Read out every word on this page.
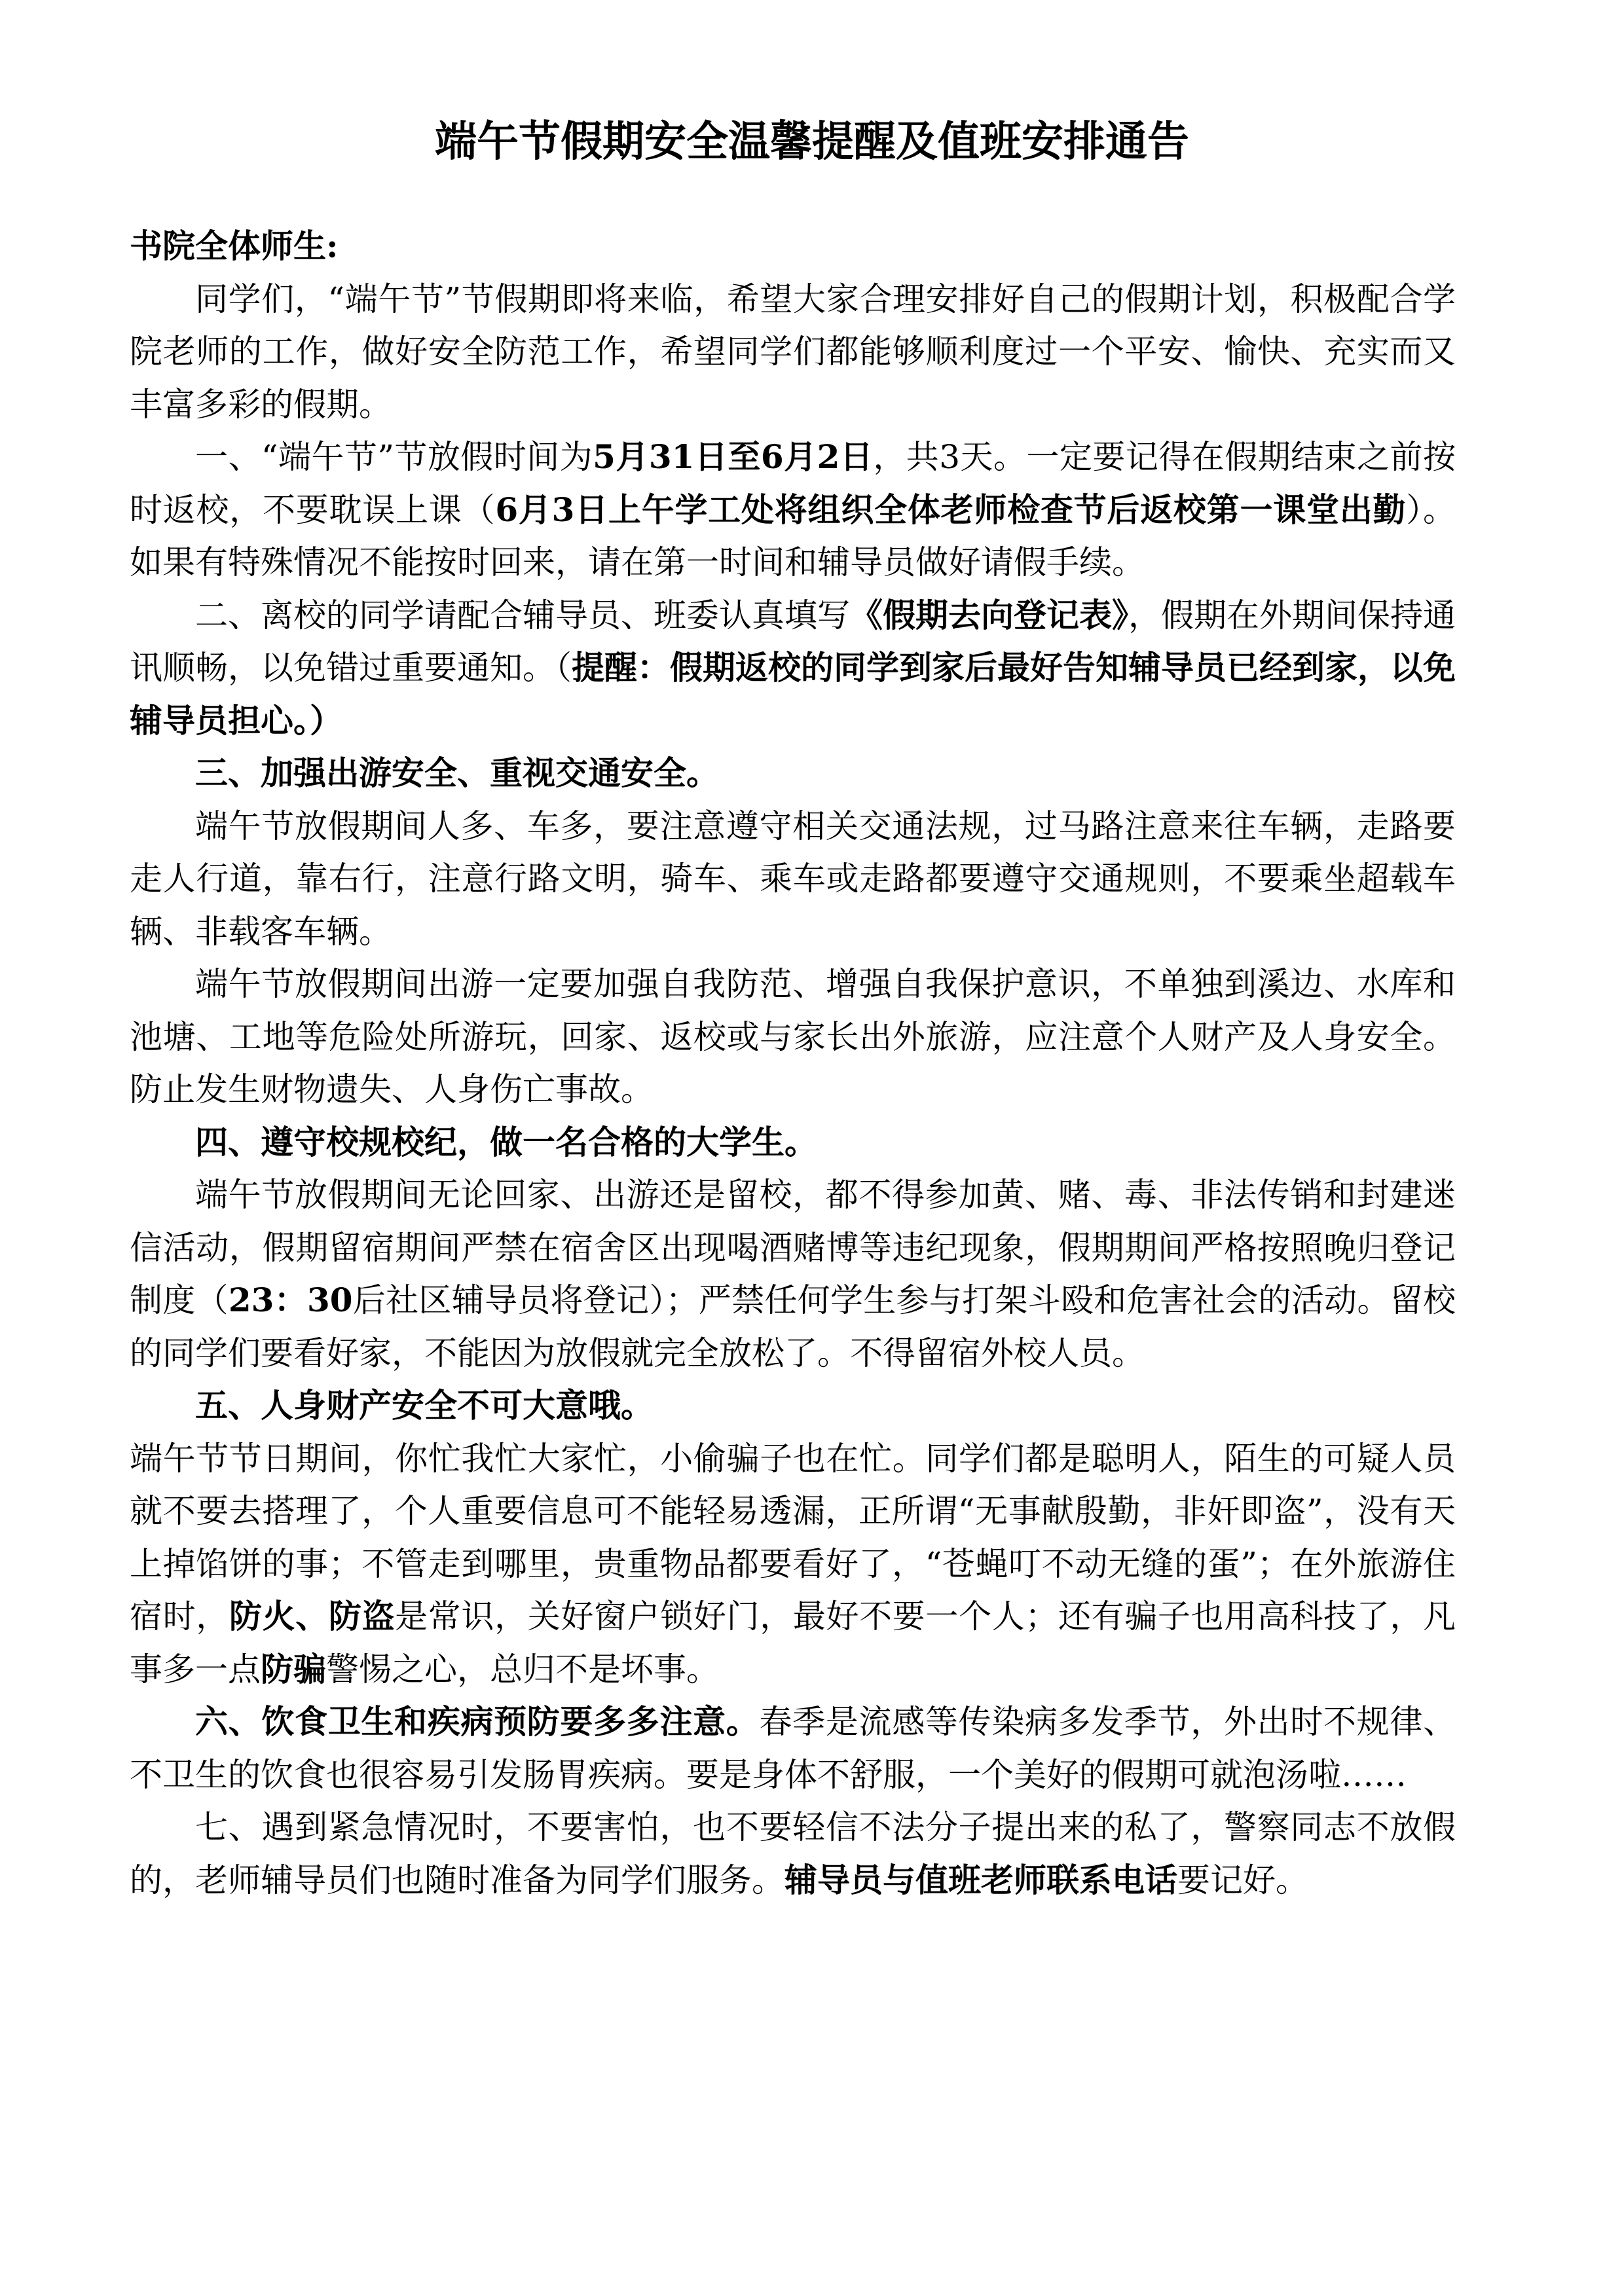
端午节假期安全温馨提醒及值班安排通告

书院全体师生:

同学们，“端午节”节假期即将来临，希望大家合理安排好自己的假期计划，积极配合学院老师的工作，做好安全防范工作，希望同学们都能够顺利度过一个平安、愉快、充实而又丰富多彩的假期。

一、“端午节”节放假时间为5月31日至6月2日，共3天。一定要记得在假期结束之前按时返校，不要耽误上课（6月3日上午学工处将组织全体老师检查节后返校第一课堂出勤）。如果有特殊情况不能按时回来，请在第一时间和辅导员做好请假手续。

二、离校的同学请配合辅导员、班委认真填写《假期去向登记表》，假期在外期间保持通讯顺畅，以免错过重要通知。（提醒：假期返校的同学到家后最好告知辅导员已经到家，以免辅导员担心。）

三、加强出游安全、重视交通安全。

端午节放假期间人多、车多，要注意遵守相关交通法规，过马路注意来往车辆，走路要走人行道，靠右行，注意行路文明，骑车、乘车或走路都要遵守交通规则，不要乘坐超载车辆、非载客车辆。

端午节放假期间出游一定要加强自我防范、增强自我保护意识，不单独到溪边、水库和池塘、工地等危险处所游玩，回家、返校或与家长出外旅游，应注意个人财产及人身安全。防止发生财物遗失、人身伤亡事故。

四、遵守校规校纪，做一名合格的大学生。

端午节放假期间无论回家、出游还是留校，都不得参加黄、赌、毒、非法传销和封建迷信活动，假期留宿期间严禁在宿舍区出现喝酒赌博等违纪现象，假期期间严格按照晚归登记制度（23：30后社区辅导员将登记）；严禁任何学生参与打架斗殴和危害社会的活动。留校的同学们要看好家，不能因为放假就完全放松了。不得留宿外校人员。

五、人身财产安全不可大意哦。

端午节节日期间，你忙我忙大家忙，小偷骗子也在忙。同学们都是聪明人，陌生的可疑人员就不要去搭理了，个人重要信息可不能轻易透漏，正所谓“无事献殷勤，非奸即盗”，没有天上掉馅饼的事；不管走到哪里，贵重物品都要看好了，“苍蝇叮不动无缝的蛋”；在外旅游住宿时，防火、防盗是常识，关好窗户锁好门，最好不要一个人；还有骗子也用高科技了，凡事多一点防骗警惕之心，总归不是坏事。

六、饮食卫生和疾病预防要多多注意。春季是流感等传染病多发季节，外出时不规律、不卫生的饮食也很容易引发肠胃疾病。要是身体不舒服，一个美好的假期可就泡汤啦……

七、遇到紧急情况时，不要害怕，也不要轻信不法分子提出来的私了，警察同志不放假的，老师辅导员们也随时准备为同学们服务。辅导员与值班老师联系电话要记好。
